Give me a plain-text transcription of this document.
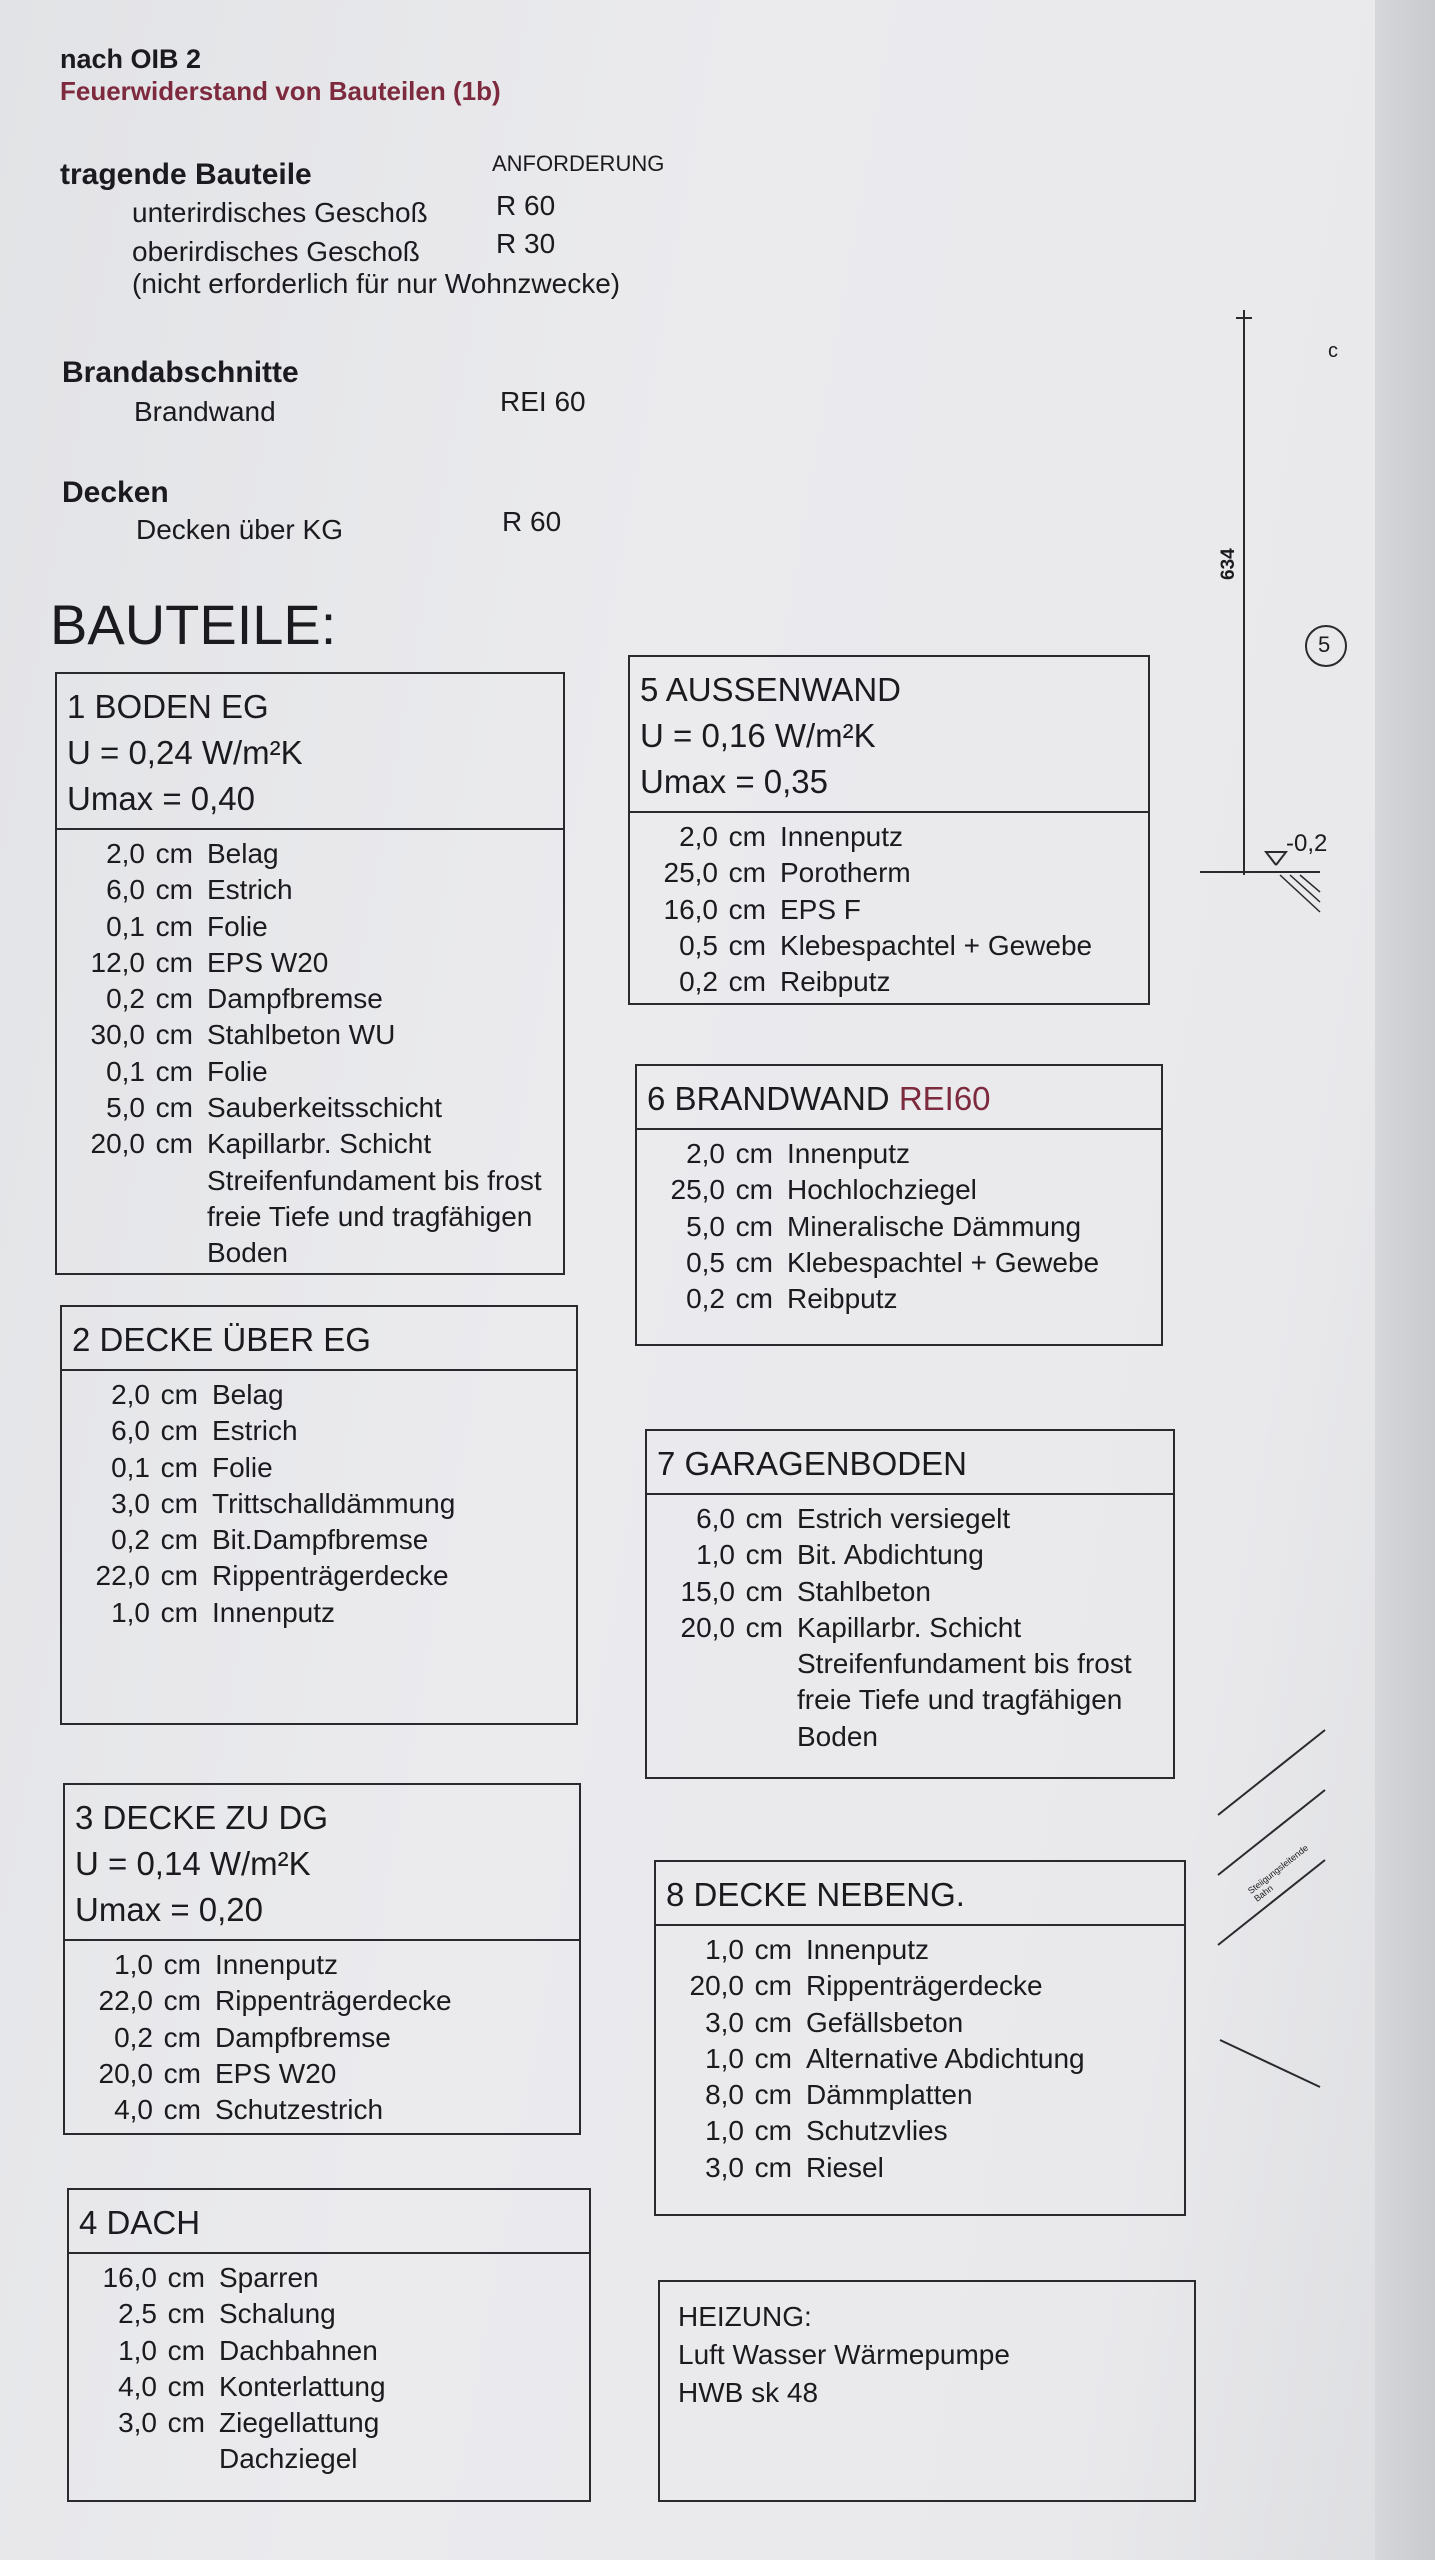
nach OIB 2
Feuerwiderstand von Bauteilen (1b)
ANFORDERUNG
tragende Bauteile
unterirdisches Geschoß R 60
oberirdisches Geschoß	R 30
(nicht erforderlich für nur Wohnzwecke)
Brandabschnitte
Brandwand	REI 60
Decken
Decken über KG	R 60
BAUTEILE:
1 BODEN EG
U = 0,24 W/m²K
Umax = 0,40
2,0 cm Belag
6,0 cm Estrich
0,1 cm Folie
12,0 cm EPS W20
0,2 cm Dampfbremse
30,0 cm Stahlbeton WU
0,1 cm Folie
5,0 cm Sauberkeitsschicht
20,0 cm Kapillarbr. Schicht
Streifenfundament bis frost
freie Tiefe und tragfähigen
Boden
2 DECKE ÜBER EG
2,0 cm Belag
6,0 cm Estrich
0,1 cm Folie
3,0 cm Trittschalldämmung
0,2 cm Bit.Dampfbremse
22,0 cm Rippenträgerdecke
1,0 cm Innenputz
3 DECKE ZU DG
U = 0,14 W/m²K
Umax = 0,20
1,0 cm Innenputz
22,0 cm Rippenträgerdecke
0,2 cm Dampfbremse
20,0 cm EPS W20
4,0 cm Schutzestrich
4 DACH
16,0 cm Sparren
2,5 cm Schalung
1,0 cm Dachbahnen
4,0 cm Konterlattung
3,0 cm Ziegellattung
Dachziegel
5 AUSSENWAND
U = 0,16 W/m²K
Umax = 0,35
2,0 cm Innenputz
25,0 cm Porotherm
16,0 cm EPS F
0,5 cm Klebespachtel + Gewebe
0,2 cm Reibputz
6 BRANDWAND REI60
2,0 cm Innenputz
25,0 cm Hochlochziegel
5,0 cm Mineralische Dämmung
0,5 cm Klebespachtel + Gewebe
0,2 cm Reibputz
7 GARAGENBODEN
6,0 cm Estrich versiegelt
1,0 cm Bit. Abdichtung
15,0 cm Stahlbeton
20,0 cm Kapillarbr. Schicht
Streifenfundament bis frost
freie Tiefe und tragfähigen
Boden
8 DECKE NEBENG.
1,0 cm Innenputz
20,0 cm Rippenträgerdecke
3,0 cm Gefällsbeton
1,0 cm Alternative Abdichtung
8,0 cm Dämmplatten
1,0 cm Schutzvlies
3,0 cm Riesel
HEIZUNG:
Luft Wasser Wärmepumpe
HWB sk 48
634
-0,2
5
c
Steiigungsleitende Bahn
